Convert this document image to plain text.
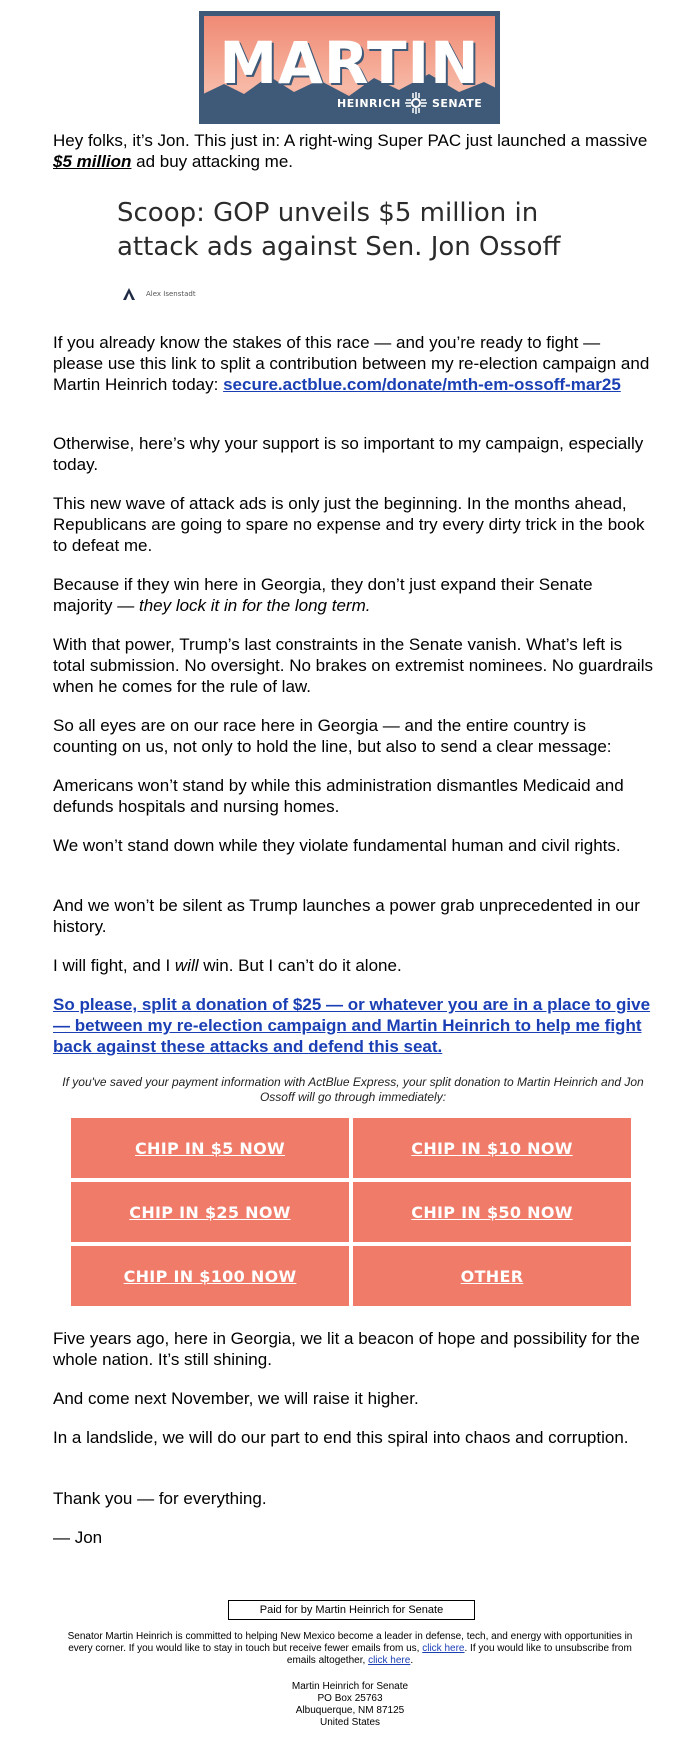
MARTIN
HEINRICH	SENATE

Hey folks, it’s Jon. This just in: A right-wing Super PAC just launched a massive $5 million ad buy attacking me.

Scoop: GOP unveils $5 million in attack ads against Sen. Jon Ossoff
Alex Isenstadt

If you already know the stakes of this race — and you’re ready to fight — please use this link to split a contribution between my re-election campaign and Martin Heinrich today: secure.actblue.com/donate/mth-em-ossoff-mar25

Otherwise, here’s why your support is so important to my campaign, especially today.

This new wave of attack ads is only just the beginning. In the months ahead, Republicans are going to spare no expense and try every dirty trick in the book to defeat me.

Because if they win here in Georgia, they don’t just expand their Senate majority — they lock it in for the long term.

With that power, Trump’s last constraints in the Senate vanish. What’s left is total submission. No oversight. No brakes on extremist nominees. No guardrails when he comes for the rule of law.

So all eyes are on our race here in Georgia — and the entire country is counting on us, not only to hold the line, but also to send a clear message:

Americans won’t stand by while this administration dismantles Medicaid and defunds hospitals and nursing homes.

We won’t stand down while they violate fundamental human and civil rights.

And we won’t be silent as Trump launches a power grab unprecedented in our history.

I will fight, and I will win. But I can’t do it alone.

So please, split a donation of $25 — or whatever you are in a place to give — between my re-election campaign and Martin Heinrich to help me fight back against these attacks and defend this seat.

If you've saved your payment information with ActBlue Express, your split donation to Martin Heinrich and Jon Ossoff will go through immediately:
CHIP IN $5 NOW	CHIP IN $10 NOW
CHIP IN $25 NOW	CHIP IN $50 NOW
CHIP IN $100 NOW	OTHER

Five years ago, here in Georgia, we lit a beacon of hope and possibility for the whole nation. It’s still shining.

And come next November, we will raise it higher.

In a landslide, we will do our part to end this spiral into chaos and corruption.

Thank you — for everything.

— Jon

Paid for by Martin Heinrich for Senate
Senator Martin Heinrich is committed to helping New Mexico become a leader in defense, tech, and energy with opportunities in every corner. If you would like to stay in touch but receive fewer emails from us, click here. If you would like to unsubscribe from emails altogether, click here.
Martin Heinrich for Senate
PO Box 25763
Albuquerque, NM 87125
United States
